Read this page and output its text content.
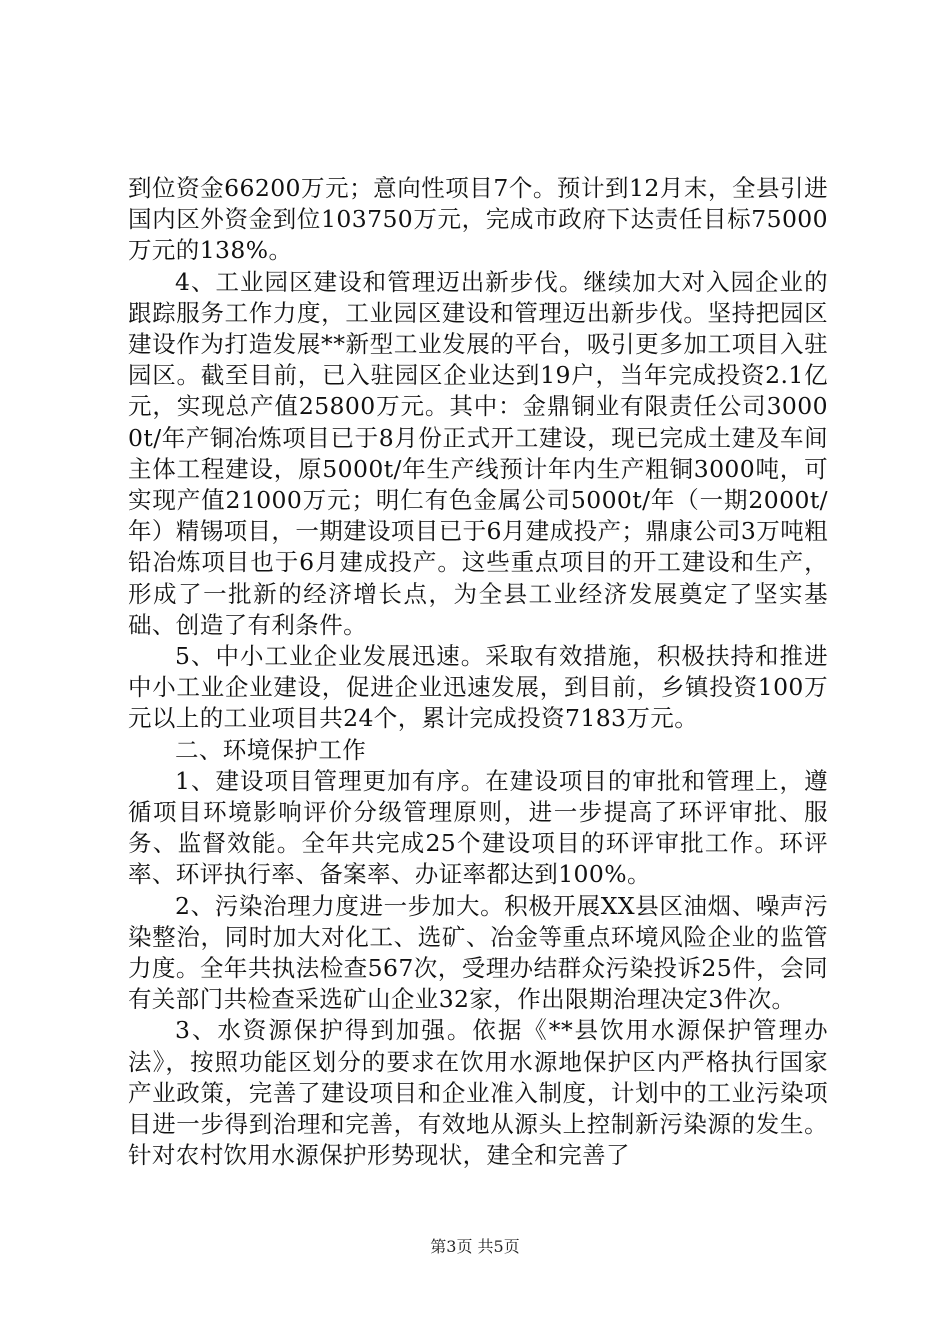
到位资金66200万元；意向性项目7个。预计到12月末，全县引进国内区外资金到位103750万元，完成市政府下达责任目标75000万元的138%。

4、工业园区建设和管理迈出新步伐。继续加大对入园企业的跟踪服务工作力度，工业园区建设和管理迈出新步伐。坚持把园区建设作为打造发展**新型工业发展的平台，吸引更多加工项目入驻园区。截至目前，已入驻园区企业达到19户，当年完成投资2.1亿元，实现总产值25800万元。其中：金鼎铜业有限责任公司30000t/年产铜冶炼项目已于8月份正式开工建设，现已完成土建及车间主体工程建设，原5000t/年生产线预计年内生产粗铜3000吨，可实现产值21000万元；明仁有色金属公司5000t/年（一期2000t/年）精锡项目，一期建设项目已于6月建成投产；鼎康公司3万吨粗铅冶炼项目也于6月建成投产。这些重点项目的开工建设和生产，形成了一批新的经济增长点，为全县工业经济发展奠定了坚实基础、创造了有利条件。

5、中小工业企业发展迅速。采取有效措施，积极扶持和推进中小工业企业建设，促进企业迅速发展，到目前，乡镇投资100万元以上的工业项目共24个，累计完成投资7183万元。

二、环境保护工作

1、建设项目管理更加有序。在建设项目的审批和管理上，遵循项目环境影响评价分级管理原则，进一步提高了环评审批、服务、监督效能。全年共完成25个建设项目的环评审批工作。环评率、环评执行率、备案率、办证率都达到100%。

2、污染治理力度进一步加大。积极开展XX县区油烟、噪声污染整治，同时加大对化工、选矿、冶金等重点环境风险企业的监管力度。全年共执法检查567次，受理办结群众污染投诉25件，会同有关部门共检查采选矿山企业32家，作出限期治理决定3件次。

3、水资源保护得到加强。依据《**县饮用水源保护管理办法》，按照功能区划分的要求在饮用水源地保护区内严格执行国家产业政策，完善了建设项目和企业准入制度，计划中的工业污染项目进一步得到治理和完善，有效地从源头上控制新污染源的发生。针对农村饮用水源保护形势现状，建全和完善了

第3页 共5页
